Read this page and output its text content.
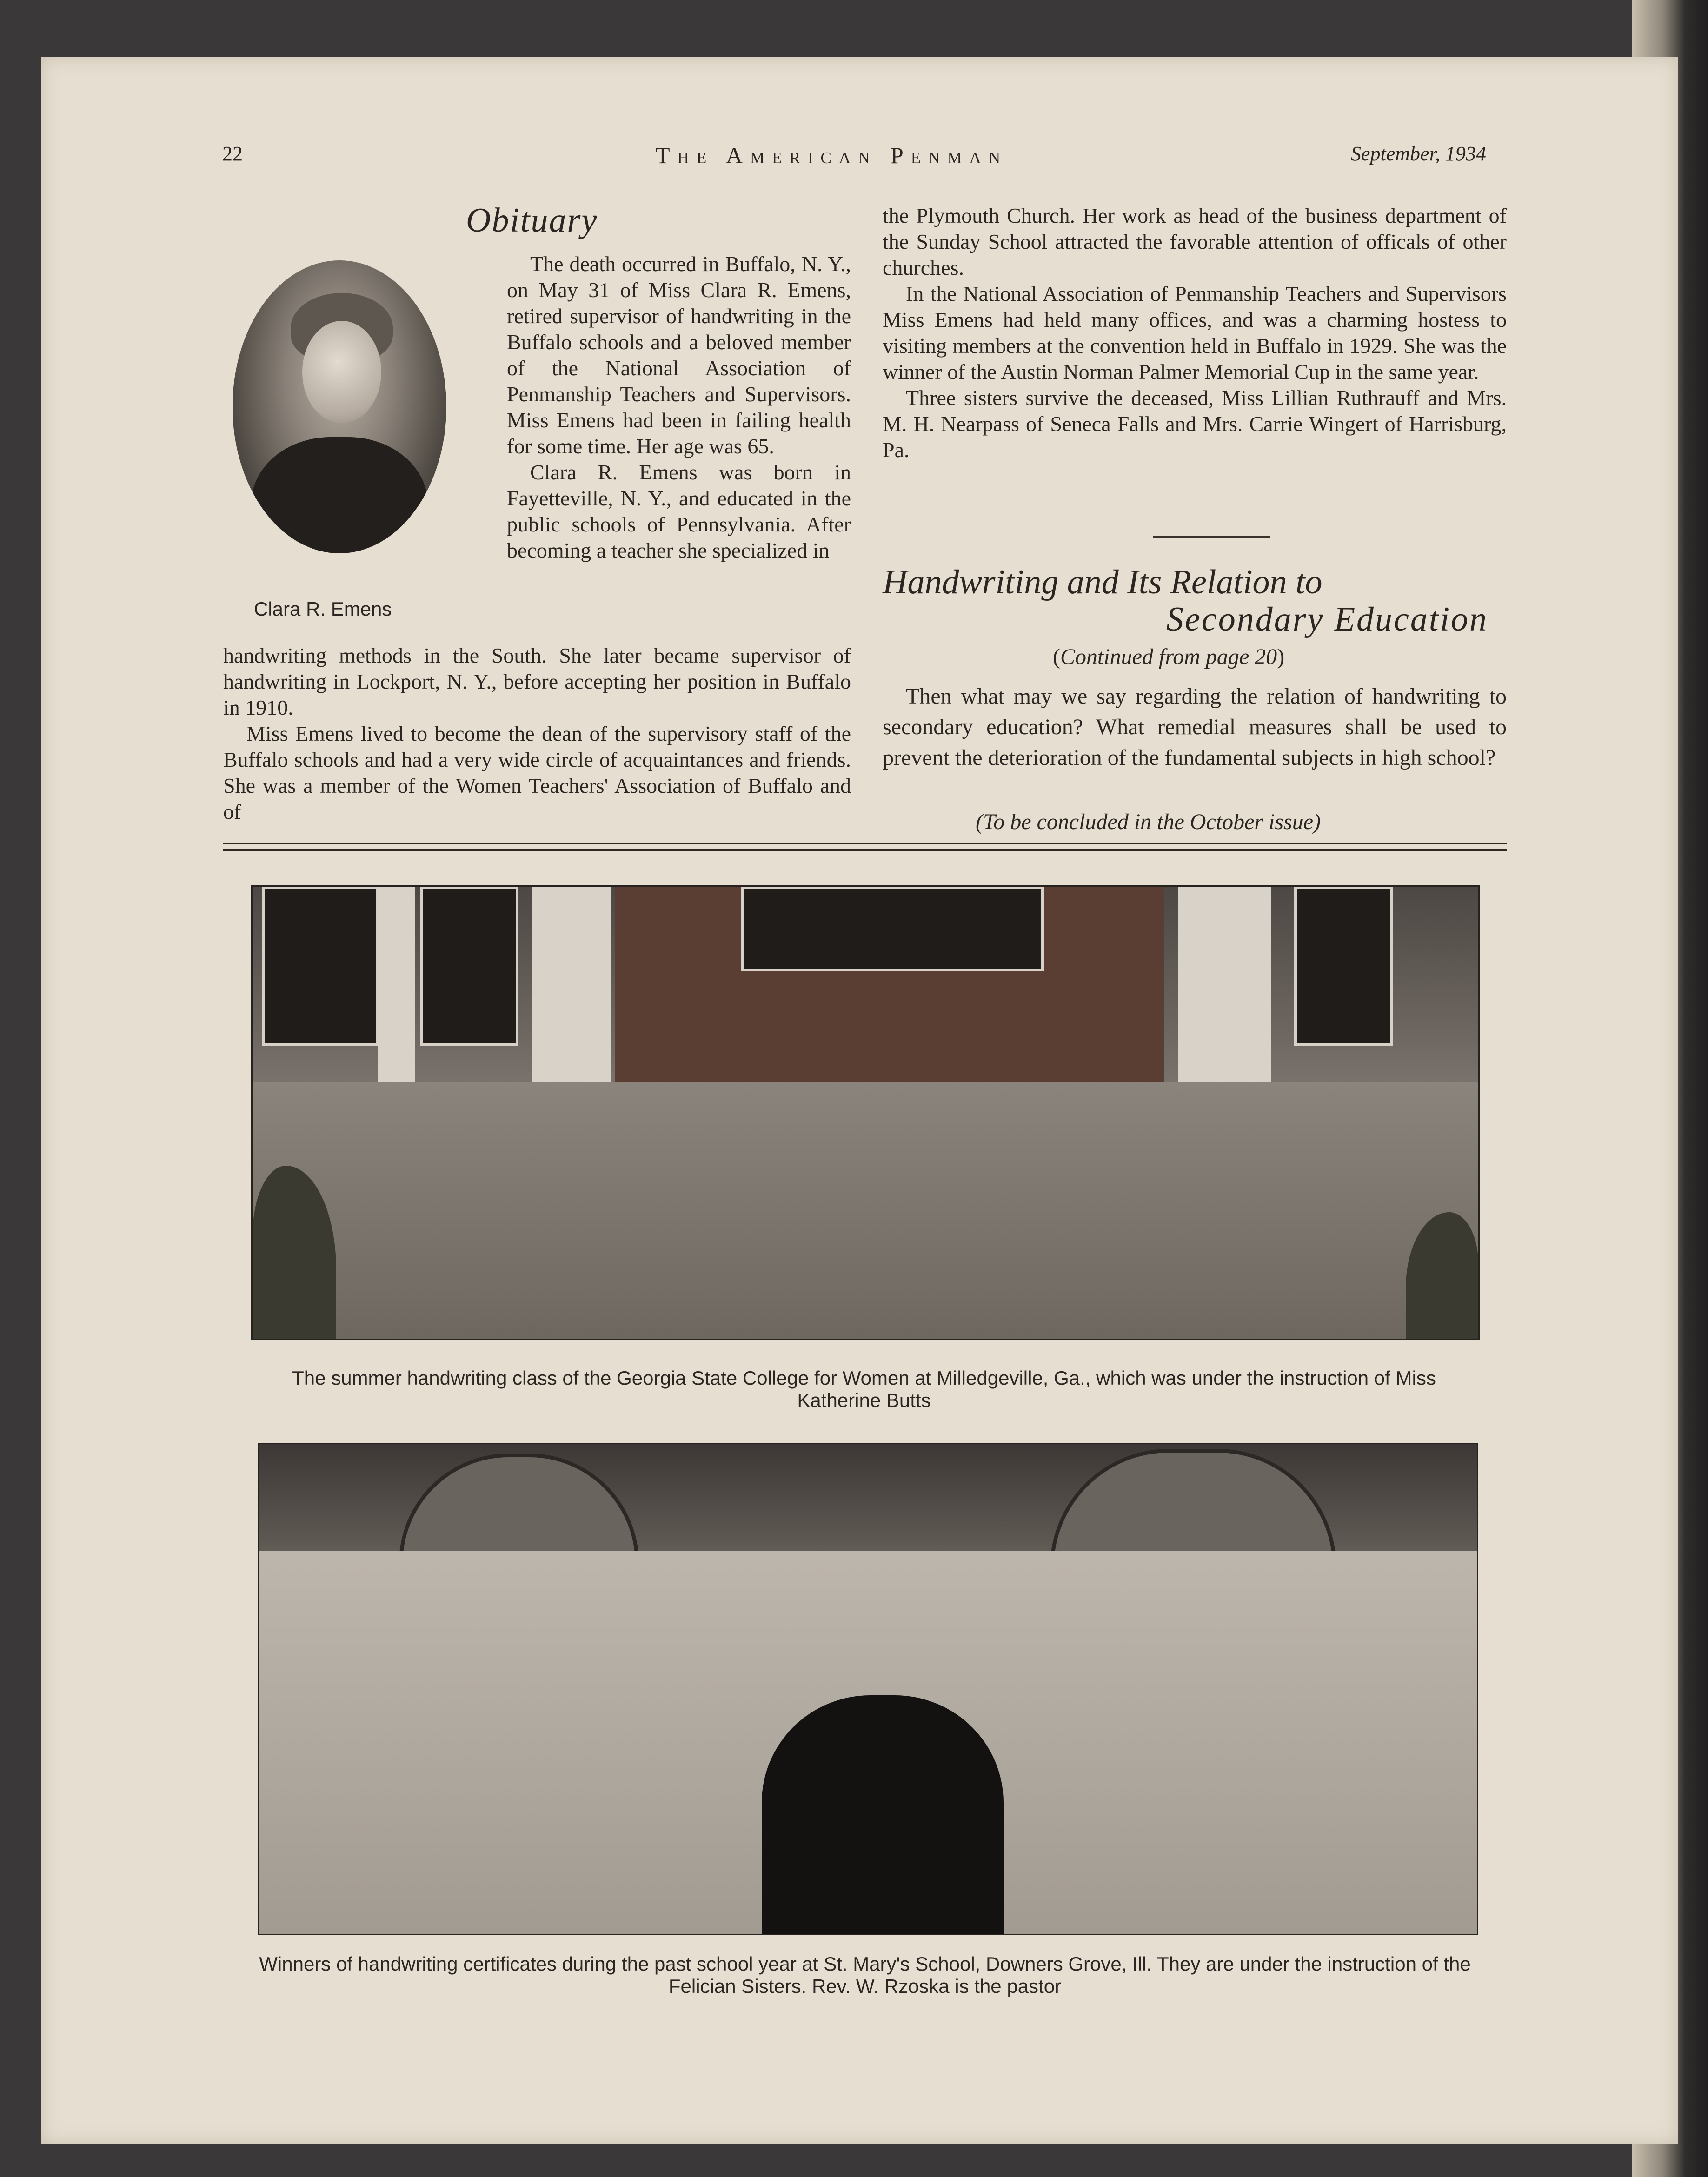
22	The American Penman	September, 1934
Obituary
Clara R. Emens

The death occurred in Buffalo, N. Y., on May 31 of Miss Clara R. Emens, retired supervisor of handwriting in the Buffalo schools and a beloved member of the National Association of Penmanship Teachers and Supervisors. Miss Emens had been in failing health for some time. Her age was 65.

Clara R. Emens was born in Fayetteville, N. Y., and educated in the public schools of Pennsylvania. After becoming a teacher she specialized in

handwriting methods in the South. She later became supervisor of handwriting in Lockport, N. Y., before accepting her position in Buffalo in 1910.

Miss Emens lived to become the dean of the supervisory staff of the Buffalo schools and had a very wide circle of acquaintances and friends. She was a member of the Women Teachers' Association of Buffalo and of

the Plymouth Church. Her work as head of the business department of the Sunday School attracted the favorable attention of officals of other churches.

In the National Association of Penmanship Teachers and Supervisors Miss Emens had held many offices, and was a charming hostess to visiting members at the convention held in Buffalo in 1929. She was the winner of the Austin Norman Palmer Memorial Cup in the same year.

Three sisters survive the deceased, Miss Lillian Ruthrauff and Mrs. M. H. Nearpass of Seneca Falls and Mrs. Carrie Wingert of Harrisburg, Pa.

Handwriting and Its Relation to
Secondary Education
(Continued from page 20)

Then what may we say regarding the relation of handwriting to secondary education? What remedial measures shall be used to prevent the deterioration of the fundamental subjects in high school?

(To be concluded in the October issue)
The summer handwriting class of the Georgia State College for Women at Milledgeville, Ga., which was under the instruction of Miss Katherine Butts
Winners of handwriting certificates during the past school year at St. Mary's School, Downers Grove, Ill. They are under the instruction of the Felician Sisters. Rev. W. Rzoska is the pastor
